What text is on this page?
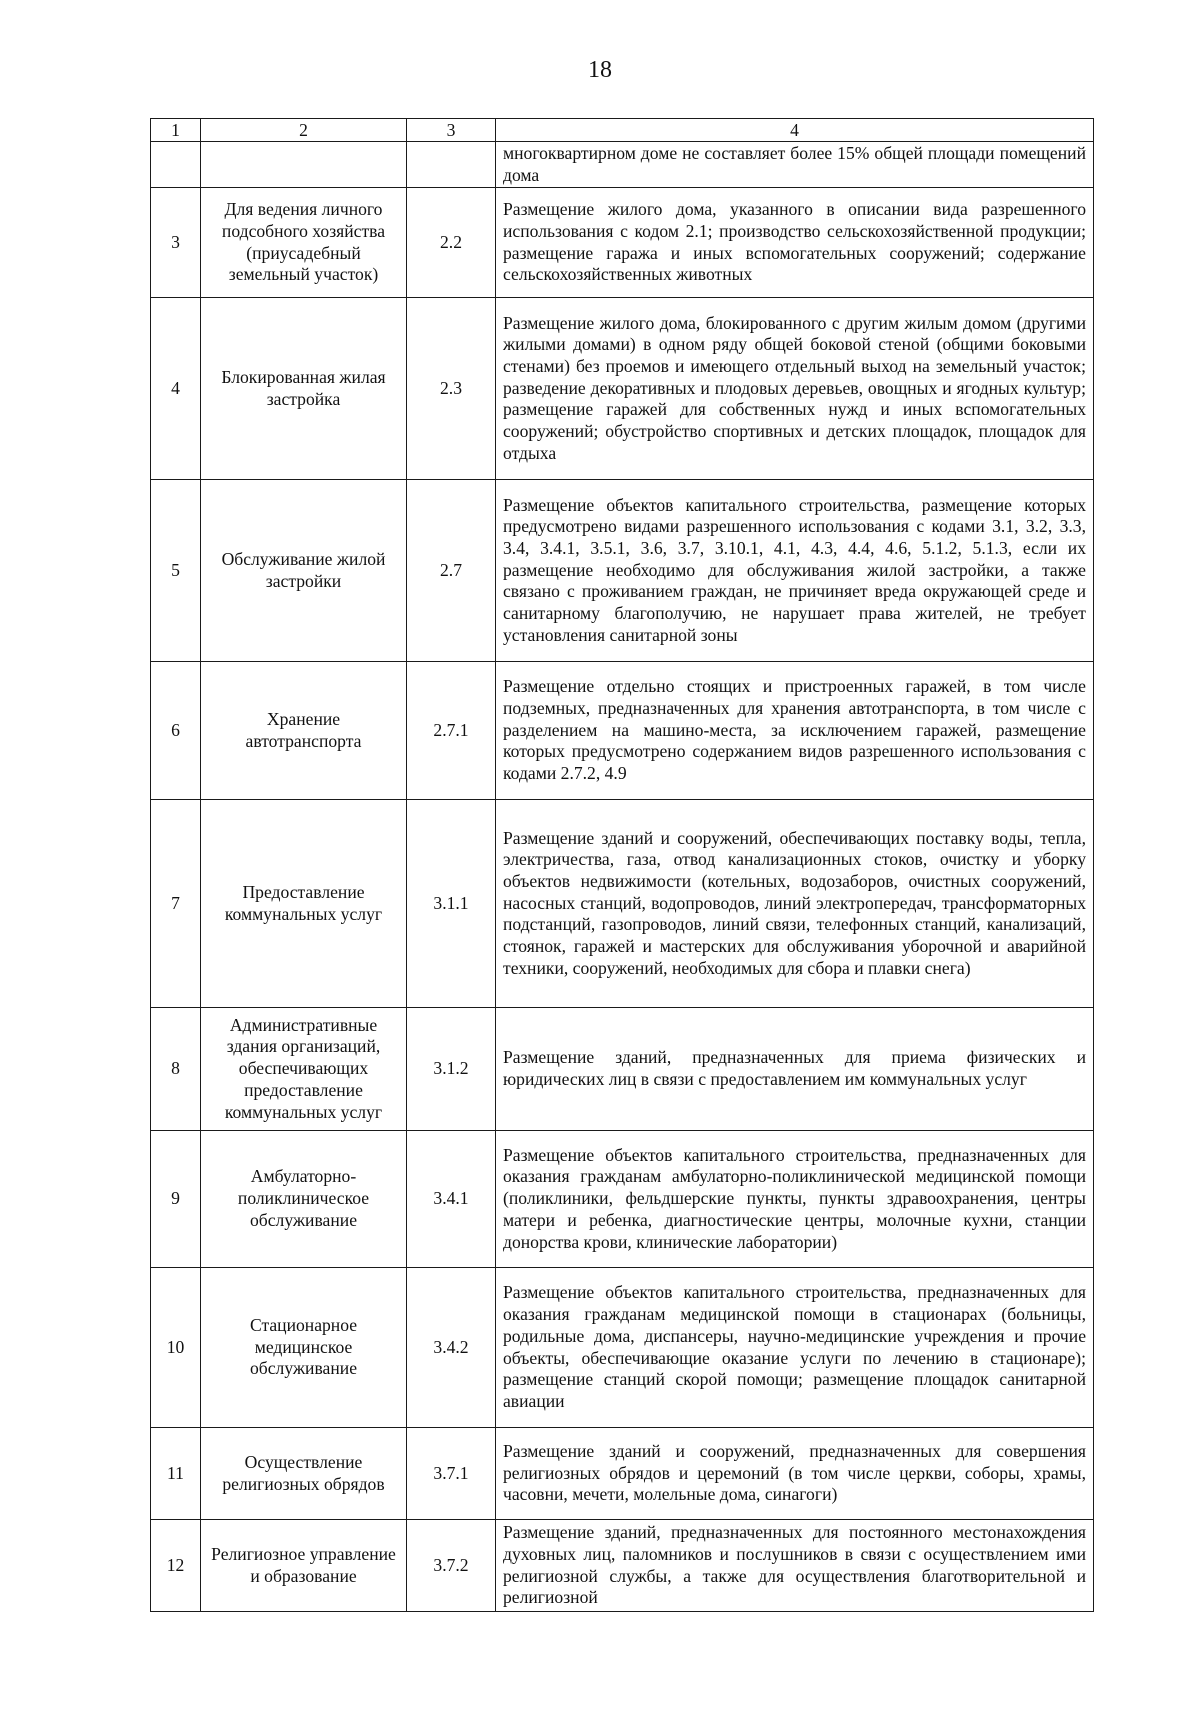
18
1	2	3	4
			многоквартирном доме не составляет более 15% общей площади помещений дома
3	Для ведения личного подсобного хозяйства (приусадебный земельный участок)	2.2	Размещение жилого дома, указанного в описании вида разрешенного использования с кодом 2.1; производство сельскохозяйственной продукции; размещение гаража и иных вспомогательных сооружений; содержание сельскохозяйственных животных
4	Блокированная жилая застройка	2.3	Размещение жилого дома, блокированного с другим жилым домом (другими жилыми домами) в одном ряду общей боковой стеной (общими боковыми стенами) без проемов и имеющего отдельный выход на земельный участок; разведение декоративных и плодовых деревьев, овощных и ягодных культур; размещение гаражей для собственных нужд и иных вспомогательных сооружений; обустройство спортивных и детских площадок, площадок для отдыха
5	Обслуживание жилой застройки	2.7	Размещение объектов капитального строительства, размещение которых предусмотрено видами разрешенного использования с кодами 3.1, 3.2, 3.3, 3.4, 3.4.1, 3.5.1, 3.6, 3.7, 3.10.1, 4.1, 4.3, 4.4, 4.6, 5.1.2, 5.1.3, если их размещение необходимо для обслуживания жилой застройки, а также связано с проживанием граждан, не причиняет вреда окружающей среде и санитарному благополучию, не нарушает права жителей, не требует установления санитарной зоны
6	Хранение автотранспорта	2.7.1	Размещение отдельно стоящих и пристроенных гаражей, в том числе подземных, предназначенных для хранения автотранспорта, в том числе с разделением на машино-места, за исключением гаражей, размещение которых предусмотрено содержанием видов разрешенного использования с кодами 2.7.2, 4.9
7	Предоставление коммунальных услуг	3.1.1	Размещение зданий и сооружений, обеспечивающих поставку воды, тепла, электричества, газа, отвод канализационных стоков, очистку и уборку объектов недвижимости (котельных, водозаборов, очистных сооружений, насосных станций, водопроводов, линий электропередач, трансформаторных подстанций, газопроводов, линий связи, телефонных станций, канализаций, стоянок, гаражей и мастерских для обслуживания уборочной и аварийной техники, сооружений, необходимых для сбора и плавки снега)
8	Административные здания организаций, обеспечивающих предоставление коммунальных услуг	3.1.2	Размещение зданий, предназначенных для приема физических и юридических лиц в связи с предоставлением им коммунальных услуг
9	Амбулаторно-поликлиническое обслуживание	3.4.1	Размещение объектов капитального строительства, предназначенных для оказания гражданам амбулаторно-поликлинической медицинской помощи (поликлиники, фельдшерские пункты, пункты здравоохранения, центры матери и ребенка, диагностические центры, молочные кухни, станции донорства крови, клинические лаборатории)
10	Стационарное медицинское обслуживание	3.4.2	Размещение объектов капитального строительства, предназначенных для оказания гражданам медицинской помощи в стационарах (больницы, родильные дома, диспансеры, научно-медицинские учреждения и прочие объекты, обеспечивающие оказание услуги по лечению в стационаре); размещение станций скорой помощи; размещение площадок санитарной авиации
11	Осуществление религиозных обрядов	3.7.1	Размещение зданий и сооружений, предназначенных для совершения религиозных обрядов и церемоний (в том числе церкви, соборы, храмы, часовни, мечети, молельные дома, синагоги)
12	Религиозное управление и образование	3.7.2	Размещение зданий, предназначенных для постоянного местонахождения духовных лиц, паломников и послушников в связи с осуществлением ими религиозной службы, а также для осуществления благотворительной и религиозной
